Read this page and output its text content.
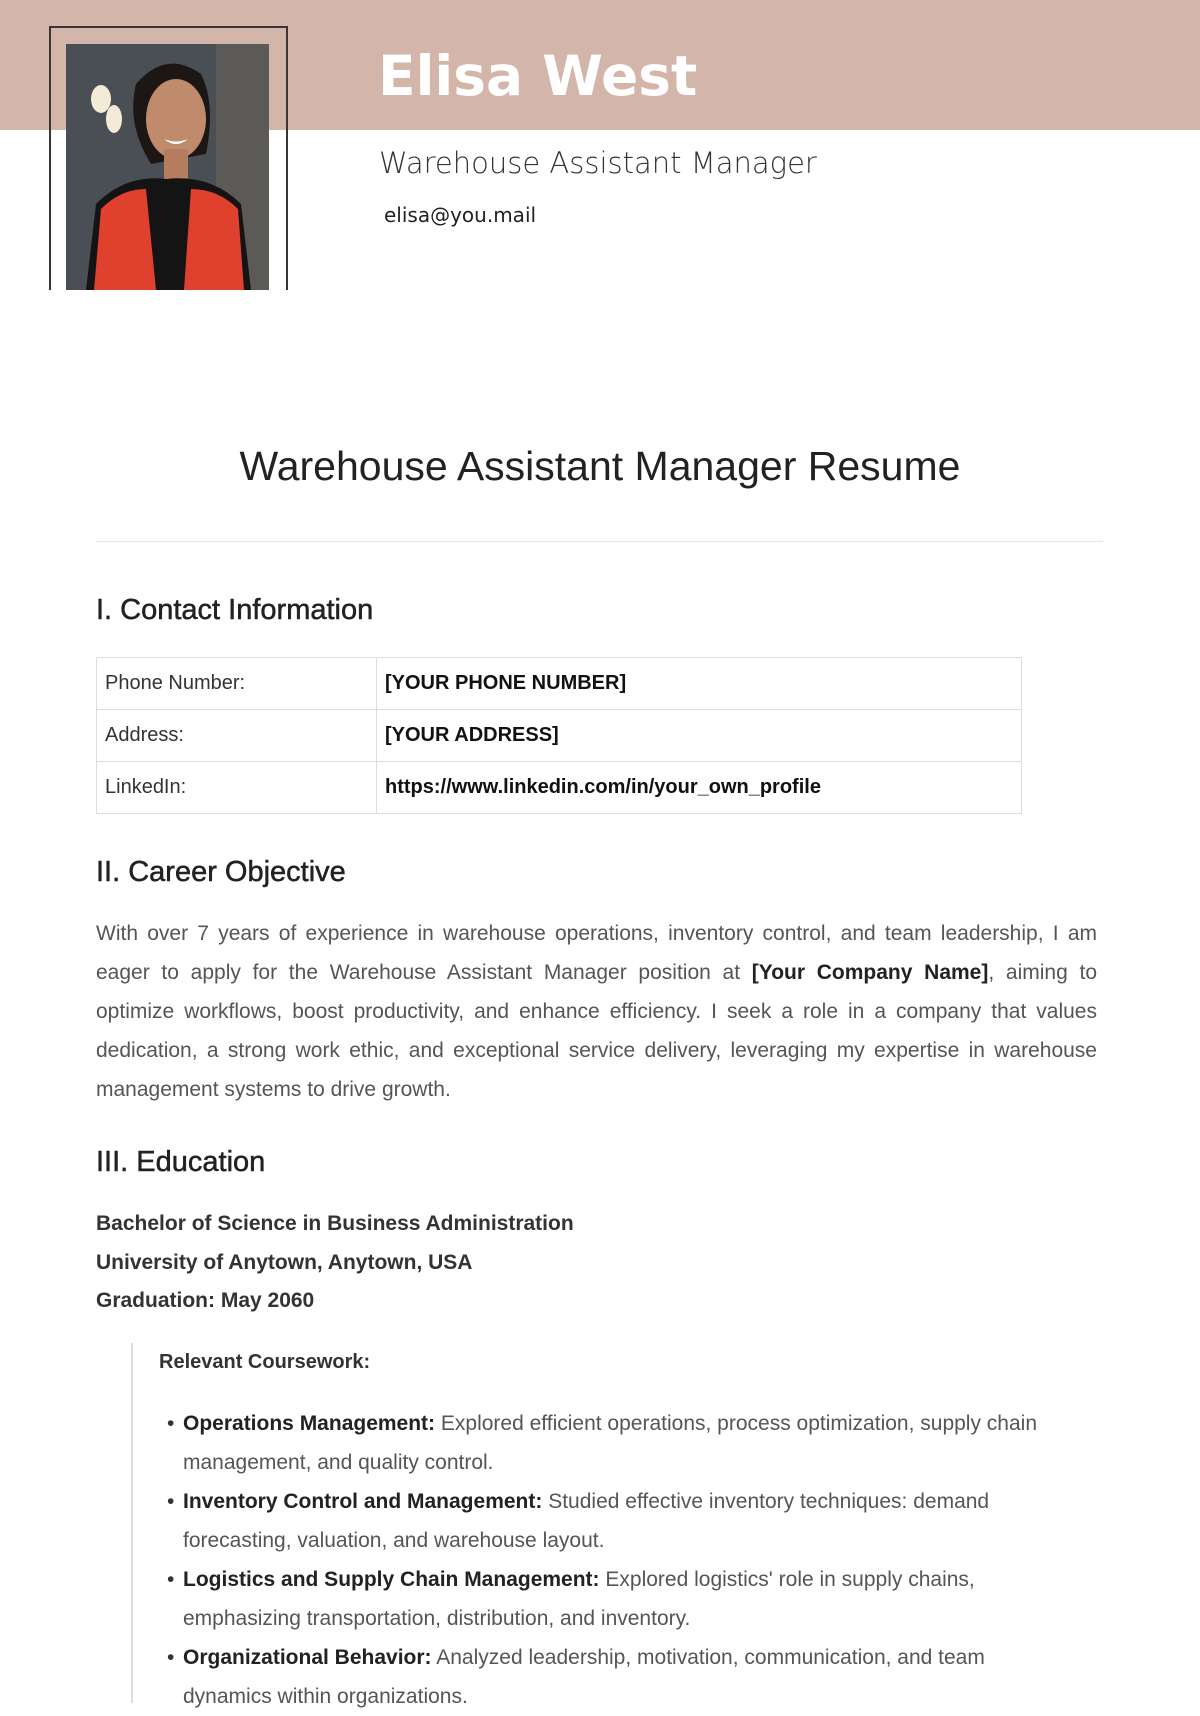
Elisa West
Warehouse Assistant Manager
elisa@you.mail
Warehouse Assistant Manager Resume
I. Contact Information
Phone Number:	[YOUR PHONE NUMBER]
Address:	[YOUR ADDRESS]
LinkedIn:	https://www.linkedin.com/in/your_own_profile
II. Career Objective
With over 7 years of experience in warehouse operations, inventory control, and team leadership, I am eager to apply for the Warehouse Assistant Manager position at [Your Company Name], aiming to optimize workflows, boost productivity, and enhance efficiency. I seek a role in a company that values dedication, a strong work ethic, and exceptional service delivery, leveraging my expertise in warehouse management systems to drive growth.
III. Education
Bachelor of Science in Business Administration
University of Anytown, Anytown, USA
Graduation: May 2060
Relevant Coursework:
• Operations Management: Explored efficient operations, process optimization, supply chain management, and quality control.
• Inventory Control and Management: Studied effective inventory techniques: demand forecasting, valuation, and warehouse layout.
• Logistics and Supply Chain Management: Explored logistics' role in supply chains, emphasizing transportation, distribution, and inventory.
• Organizational Behavior: Analyzed leadership, motivation, communication, and team dynamics within organizations.
